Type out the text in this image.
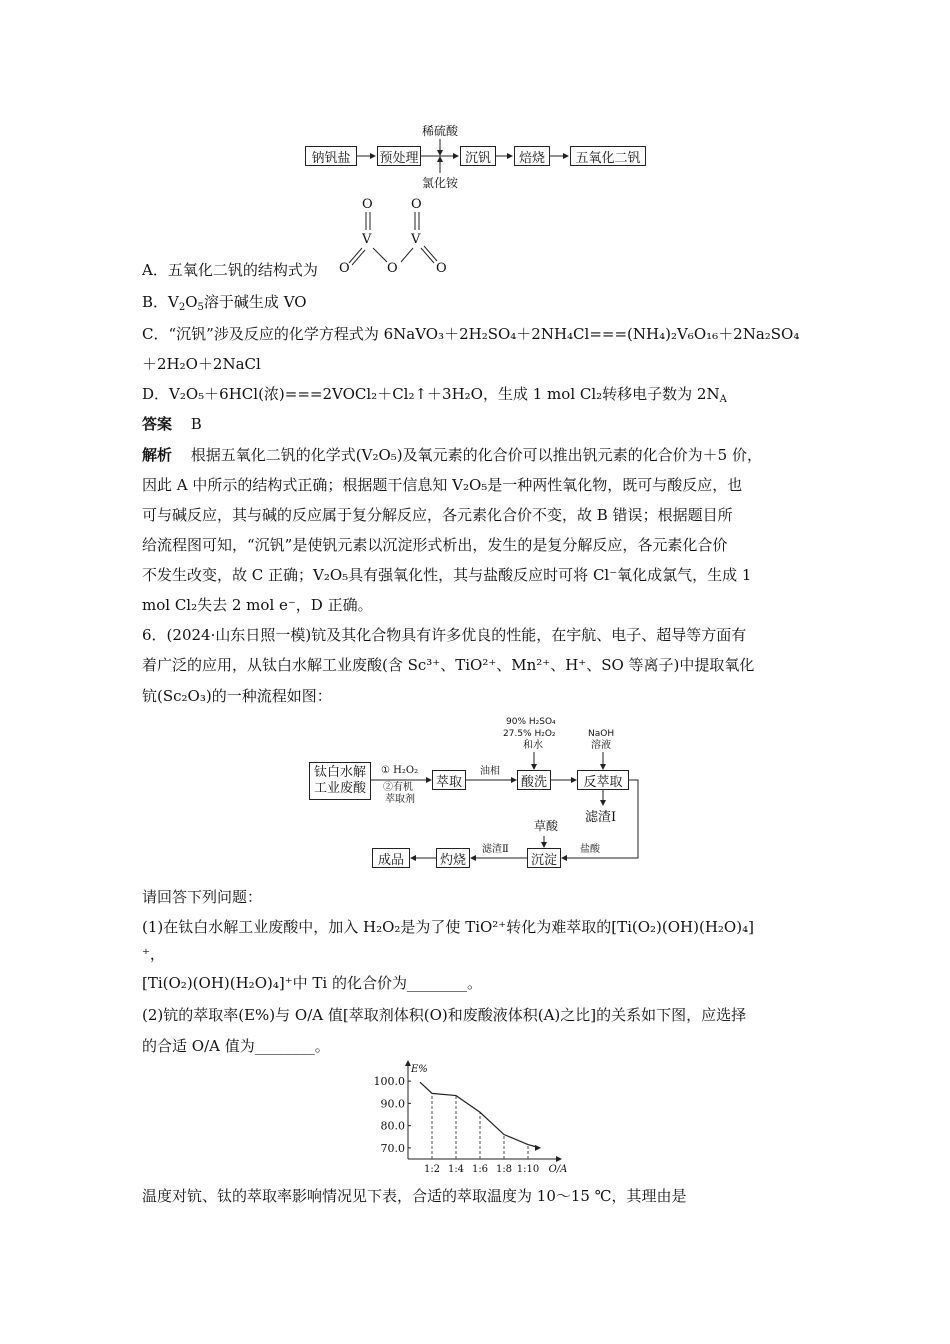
钠钒盐	预处理	沉钒	焙烧	五氧化二钒
稀硫酸
氯化铵
O	O
V	V
O	O	O
A．五氧化二钒的结构式为
B．$V_2O_5$溶于碱生成 VO
C．“沉钒”涉及反应的化学方程式为 6NaVO₃＋2H₂SO₄＋2NH₄Cl===(NH₄)₂V₆O₁₆＋2Na₂SO₄
＋2H₂O＋2NaCl
D．V₂O₅＋6HCl(浓)===2VOCl₂＋Cl₂↑＋3H₂O，生成 1 mol Cl₂转移电子数为 $2N_A$
答案 B
解析 根据五氧化二钒的化学式(V₂O₅)及氧元素的化合价可以推出钒元素的化合价为＋5 价，
因此 A 中所示的结构式正确；根据题干信息知 V₂O₅是一种两性氧化物，既可与酸反应，也
可与碱反应，其与碱的反应属于复分解反应，各元素化合价不变，故 B 错误；根据题目所
给流程图可知，“沉钒”是使钒元素以沉淀形式析出，发生的是复分解反应，各元素化合价
不发生改变，故 C 正确；V₂O₅具有强氧化性，其与盐酸反应时可将 Cl⁻氧化成氯气，生成 1
mol Cl₂失去 2 mol e⁻，D 正确。
6．(2024·山东日照一模)钪及其化合物具有许多优良的性能，在宇航、电子、超导等方面有
着广泛的应用，从钛白水解工业废酸(含 Sc³⁺、TiO²⁺、Mn²⁺、H⁺、SO 等离子)中提取氧化
钪(Sc₂O₃)的一种流程如图：
钛白水解工业废酸	萃取	酸洗	反萃取
成品	灼烧	沉淀
① H₂O₂
②有机
萃取剂
油相
90% H₂SO₄
27.5% H₂O₂
和水
NaOH
溶液
滤渣Ⅰ
草酸
盐酸
滤渣Ⅱ
请回答下列问题：
(1)在钛白水解工业废酸中，加入 H₂O₂是为了使 TiO²⁺转化为难萃取的[Ti(O₂)(OH)(H₂O)₄]
⁺，
[Ti(O₂)(OH)(H₂O)₄]⁺中 Ti 的化合价为________。
(2)钪的萃取率(E%)与 O/A 值[萃取剂体积(O)和废酸液体积(A)之比]的关系如下图，应选择
的合适 O/A 值为________。
70.0
80.0
90.0
100.0
1:2 1:4 1:6 1:8 1:10
E%
O/A
温度对钪、钛的萃取率影响情况见下表，合适的萃取温度为 10～15 ℃，其理由是
